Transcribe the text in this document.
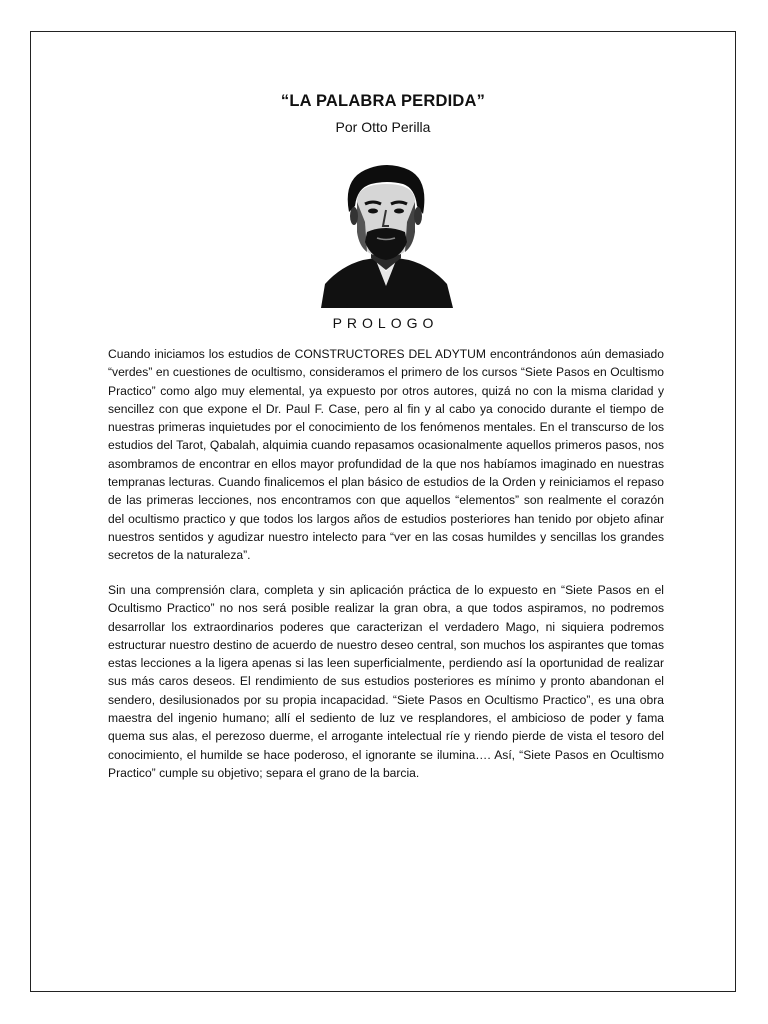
“LA PALABRA PERDIDA”
Por Otto Perilla
PROLOGO

Cuando iniciamos los estudios de CONSTRUCTORES DEL ADYTUM encontrándonos aún demasiado “verdes” en cuestiones de ocultismo, consideramos el primero de los cursos “Siete Pasos en Ocultismo Practico” como algo muy elemental, ya expuesto por otros autores, quizá no con la misma claridad y sencillez con que expone el Dr. Paul F. Case, pero al fin y al cabo ya conocido durante el tiempo de nuestras primeras inquietudes por el conocimiento de los fenómenos mentales. En el transcurso de los estudios del Tarot, Qabalah, alquimia cuando repasamos ocasionalmente aquellos primeros pasos, nos asombramos de encontrar en ellos mayor profundidad de la que nos habíamos imaginado en nuestras tempranas lecturas. Cuando finalicemos el plan básico de estudios de la Orden y reiniciamos el repaso de las primeras lecciones, nos encontramos con que aquellos “elementos” son realmente el corazón del ocultismo practico y que todos los largos años de estudios posteriores han tenido por objeto afinar nuestros sentidos y agudizar nuestro intelecto para “ver en las cosas humildes y sencillas los grandes secretos de la naturaleza”.

Sin una comprensión clara, completa y sin aplicación práctica de lo expuesto en “Siete Pasos en el Ocultismo Practico” no nos será posible realizar la gran obra, a que todos aspiramos, no podremos desarrollar los extraordinarios poderes que caracterizan el verdadero Mago, ni siquiera podremos estructurar nuestro destino de acuerdo de nuestro deseo central, son muchos los aspirantes que tomas estas lecciones a la ligera apenas si las leen superficialmente, perdiendo así la oportunidad de realizar sus más caros deseos. El rendimiento de sus estudios posteriores es mínimo y pronto abandonan el sendero, desilusionados por su propia incapacidad. “Siete Pasos en Ocultismo Practico”, es una obra maestra del ingenio humano; allí el sediento de luz ve resplandores, el ambicioso de poder y fama quema sus alas, el perezoso duerme, el arrogante intelectual ríe y riendo pierde de vista el tesoro del conocimiento, el humilde se hace poderoso, el ignorante se ilumina…. Así, “Siete Pasos en Ocultismo Practico” cumple su objetivo; separa el grano de la barcia.
